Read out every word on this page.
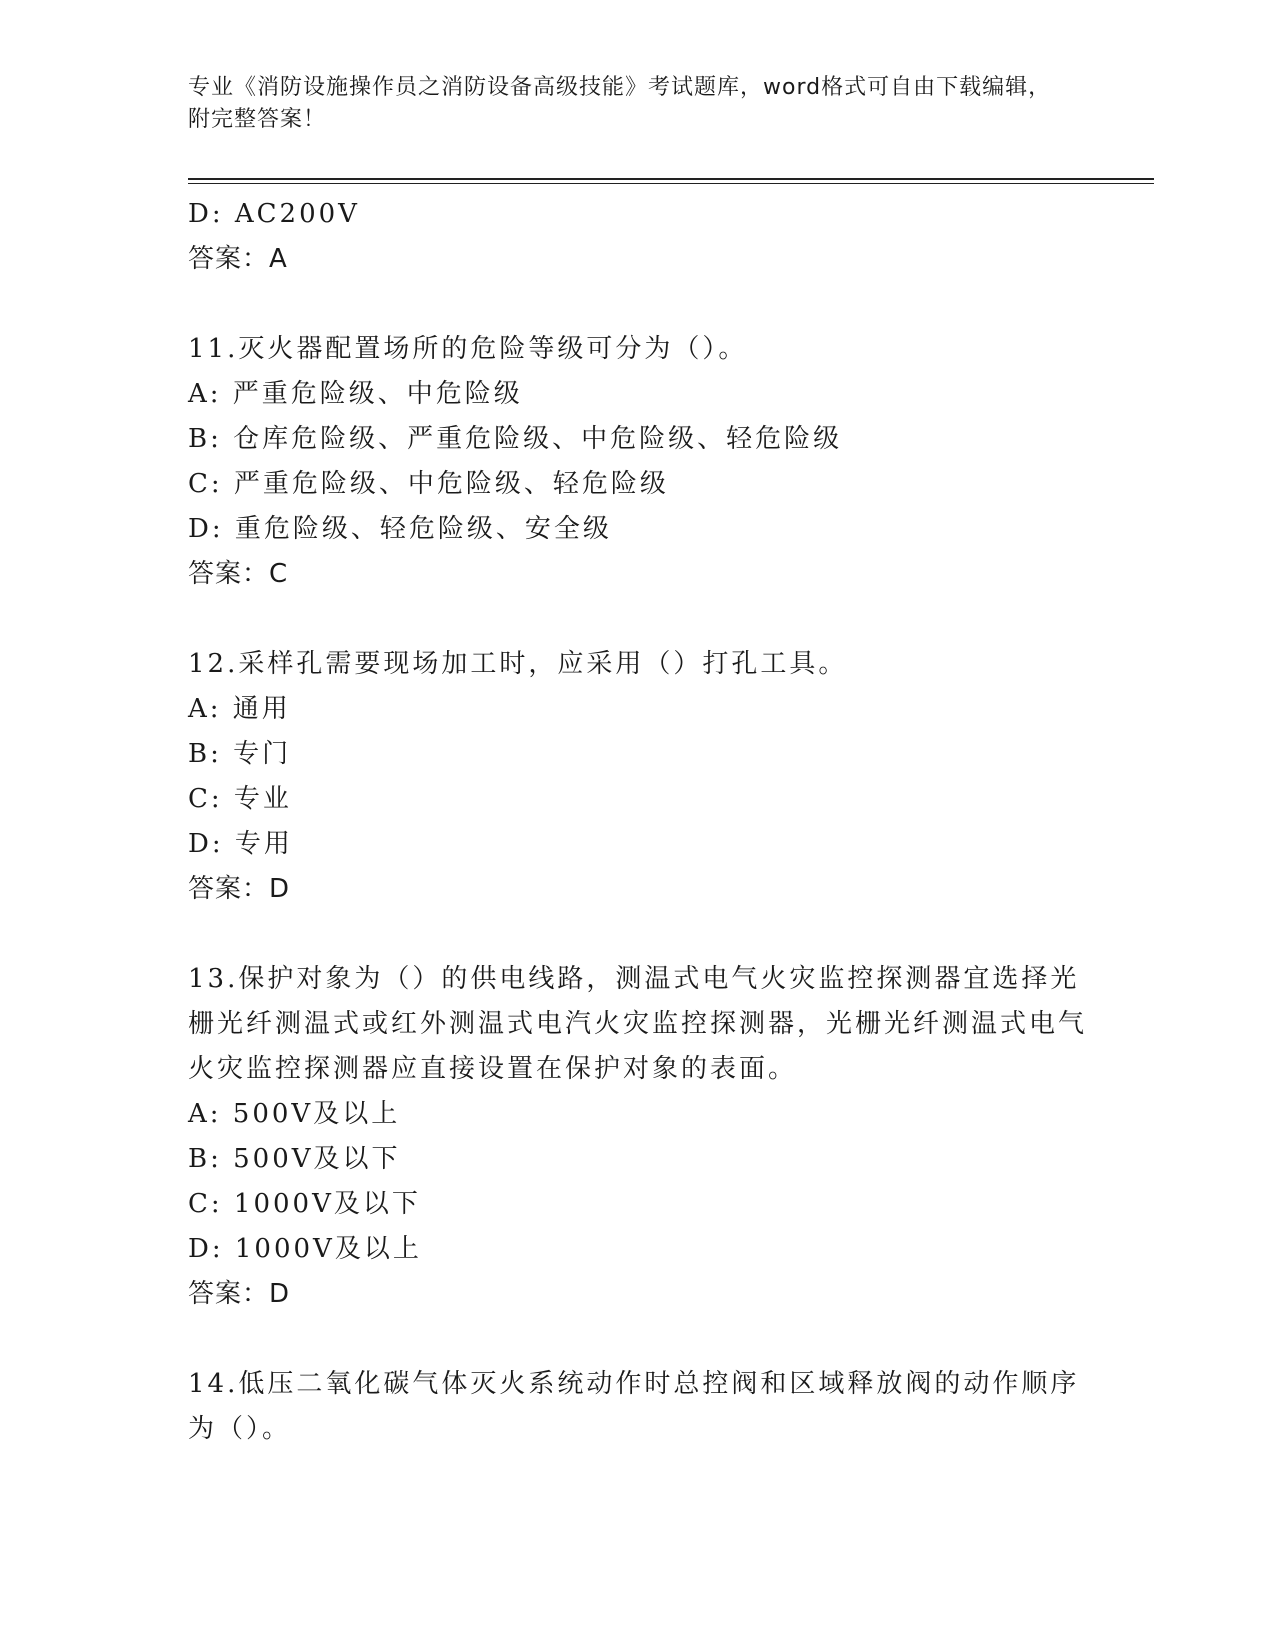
专业《消防设施操作员之消防设备高级技能》考试题库，word格式可自由下载编辑，附完整答案！
D: AC200V
答案：A
11.灭火器配置场所的危险等级可分为（）。
A: 严重危险级、中危险级
B: 仓库危险级、严重危险级、中危险级、轻危险级
C: 严重危险级、中危险级、轻危险级
D: 重危险级、轻危险级、安全级
答案：C
12.采样孔需要现场加工时，应采用（）打孔工具。
A: 通用
B: 专门
C: 专业
D: 专用
答案：D
13.保护对象为（）的供电线路，测温式电气火灾监控探测器宜选择光栅光纤测温式或红外测温式电汽火灾监控探测器，光栅光纤测温式电气火灾监控探测器应直接设置在保护对象的表面。
A: 500V及以上
B: 500V及以下
C: 1000V及以下
D: 1000V及以上
答案：D
14.低压二氧化碳气体灭火系统动作时总控阀和区域释放阀的动作顺序为（）。
